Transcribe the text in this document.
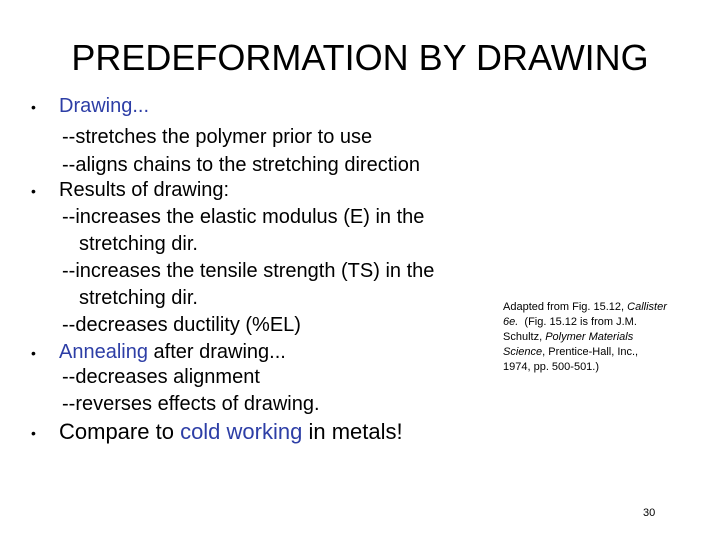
PREDEFORMATION BY DRAWING
• Drawing...
--stretches the polymer prior to use
--aligns chains to the stretching direction
• Results of drawing:
--increases the elastic modulus (E) in the
stretching dir.
--increases the tensile strength (TS) in the
stretching dir.
--decreases ductility (%EL)
• Annealing after drawing...
--decreases alignment
--reverses effects of drawing.
• Compare to cold working in metals!
Adapted from Fig. 15.12, Callister
6e.  (Fig. 15.12 is from J.M.
Schultz, Polymer Materials
Science, Prentice-Hall, Inc.,
1974, pp. 500-501.)
30
